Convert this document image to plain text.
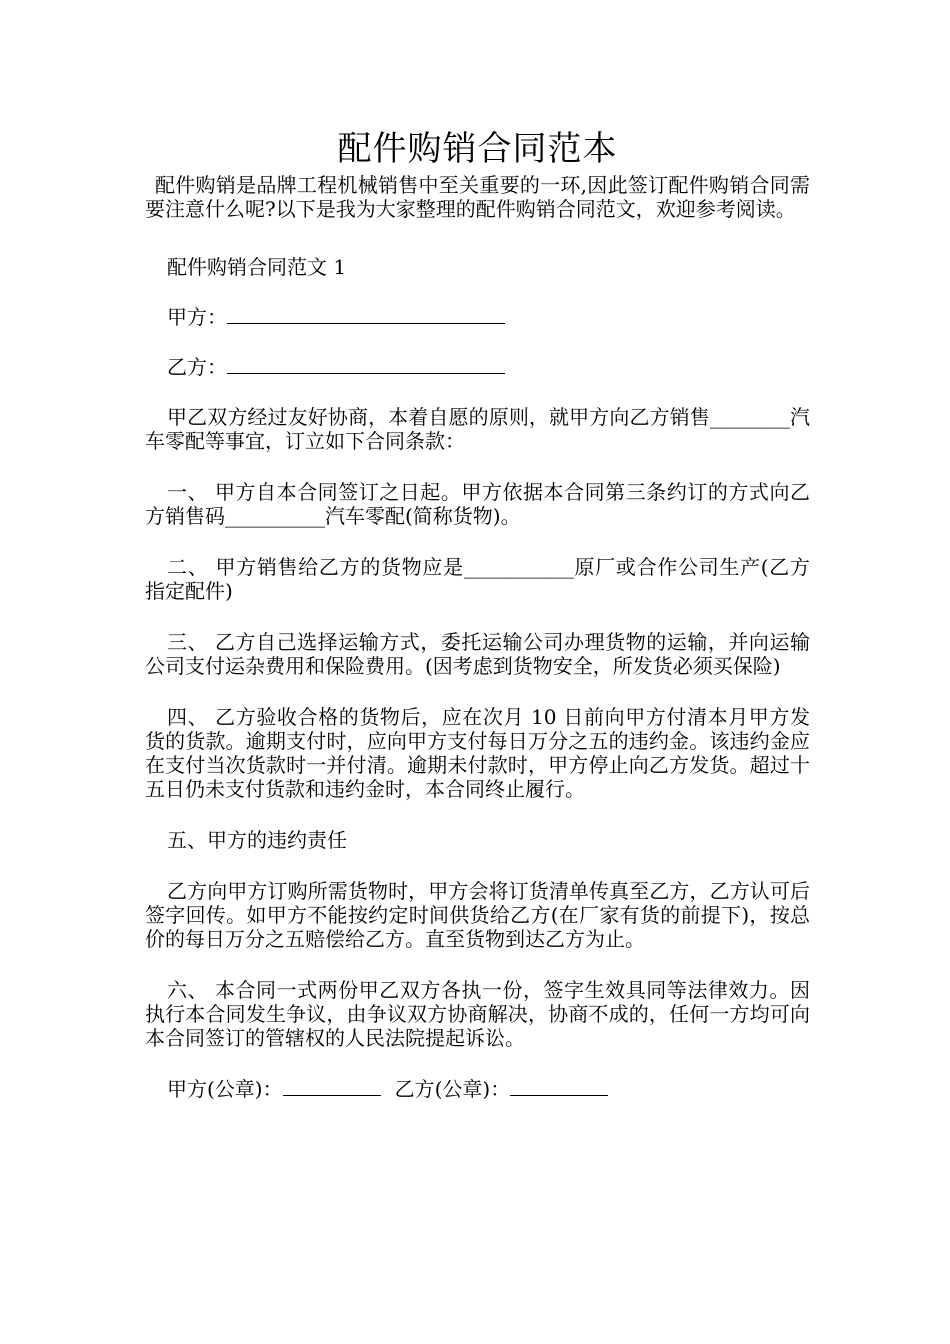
配件购销合同范本

配件购销是品牌工程机械销售中至关重要的一环,因此签订配件购销合同需要注意什么呢?以下是我为大家整理的配件购销合同范文，欢迎参考阅读。

配件购销合同范文 1

甲方：

乙方：

甲乙双方经过友好协商，本着自愿的原则，就甲方向乙方销售________汽车零配等事宜，订立如下合同条款：

一、 甲方自本合同签订之日起。甲方依据本合同第三条约订的方式向乙方销售码__________汽车零配(简称货物)。

二、 甲方销售给乙方的货物应是___________原厂或合作公司生产(乙方指定配件)

三、 乙方自己选择运输方式，委托运输公司办理货物的运输，并向运输公司支付运杂费用和保险费用。(因考虑到货物安全，所发货必须买保险)

四、 乙方验收合格的货物后，应在次月 10 日前向甲方付清本月甲方发货的货款。逾期支付时，应向甲方支付每日万分之五的违约金。该违约金应在支付当次货款时一并付清。逾期未付款时，甲方停止向乙方发货。超过十五日仍未支付货款和违约金时，本合同终止履行。

五、甲方的违约责任

乙方向甲方订购所需货物时，甲方会将订货清单传真至乙方，乙方认可后签字回传。如甲方不能按约定时间供货给乙方(在厂家有货的前提下)，按总价的每日万分之五赔偿给乙方。直至货物到达乙方为止。

六、 本合同一式两份甲乙双方各执一份，签字生效具同等法律效力。因执行本合同发生争议，由争议双方协商解决，协商不成的，任何一方均可向本合同签订的管辖权的人民法院提起诉讼。

甲方(公章)：	乙方(公章)：
